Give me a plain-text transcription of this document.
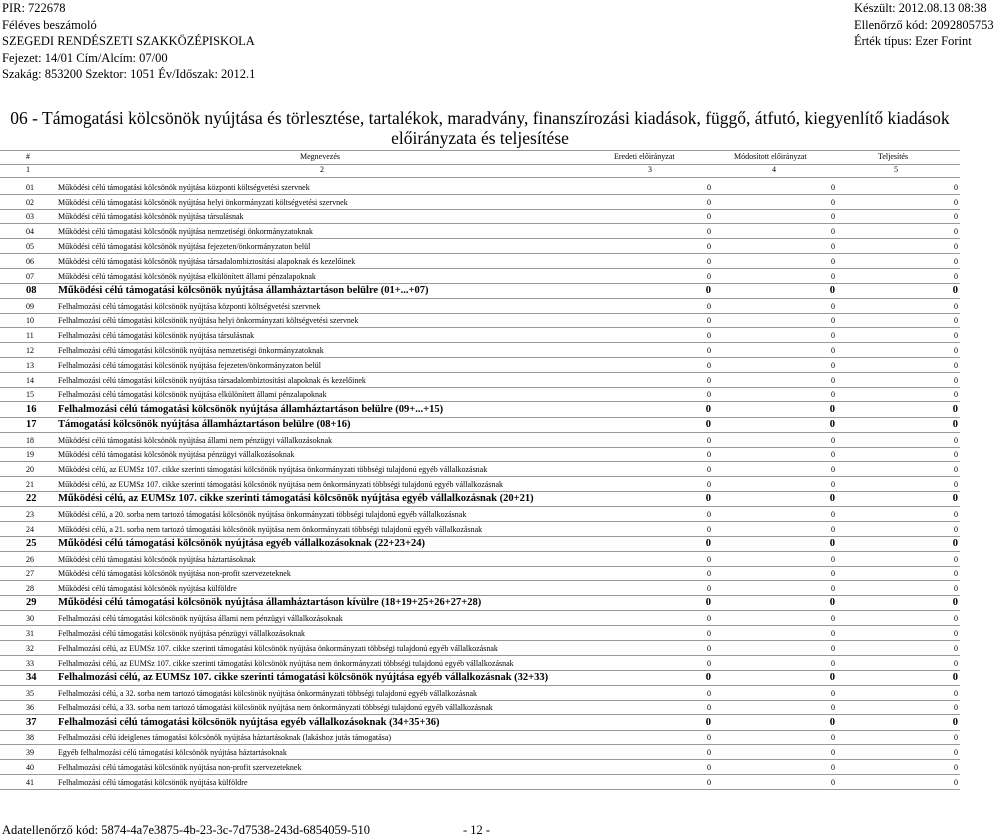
PIR: 722678	Készült: 2012.08.13 08:38
Féléves beszámoló	Ellenőrző kód: 2092805753
SZEGEDI RENDÉSZETI SZAKKÖZÉPISKOLA	Érték típus: Ezer Forint
Fejezet: 14/01 Cím/Alcím: 07/00
Szakág: 853200 Szektor: 1051 Év/Időszak: 2012.1
06 - Támogatási kölcsönök nyújtása és törlesztése, tartalékok, maradvány, finanszírozási kiadások, függő, átfutó, kiegyenlítő kiadások
előirányzata és teljesítése
#	Megnevezés	Eredeti előirányzat	Módosított előirányzat	Teljesítés
1	2	3	4	5
01	Működési célú támogatási kölcsönök nyújtása központi költségvetési szervnek	0	0	0
02	Működési célú támogatási kölcsönök nyújtása helyi önkormányzati költségvetési szervnek	0	0	0
03	Működési célú támogatási kölcsönök nyújtása társulásnak	0	0	0
04	Működési célú támogatási kölcsönök nyújtása nemzetiségi önkormányzatoknak	0	0	0
05	Működési célú támogatási kölcsönök nyújtása fejezeten/önkormányzaton belül	0	0	0
06	Működési célú támogatási kölcsönök nyújtása társadalombiztosítási alapoknak és kezelőinek	0	0	0
07	Működési célú támogatási kölcsönök nyújtása elkülönített állami pénzalapoknak	0	0	0
08 Működési célú támogatási kölcsönök nyújtása államháztartáson belülre (01+...+07)	0	0	0
09	Felhalmozási célú támogatási kölcsönök nyújtása központi költségvetési szervnek	0	0	0
10	Felhalmozási célú támogatási kölcsönök nyújtása helyi önkormányzati költségvetési szervnek	0	0	0
11	Felhalmozási célú támogatási kölcsönök nyújtása társulásnak	0	0	0
12	Felhalmozási célú támogatási kölcsönök nyújtása nemzetiségi önkormányzatoknak	0	0	0
13	Felhalmozási célú támogatási kölcsönök nyújtása fejezeten/önkormányzaton belül	0	0	0
14	Felhalmozási célú támogatási kölcsönök nyújtása társadalombiztosítási alapoknak és kezelőinek	0	0	0
15	Felhalmozási célú támogatási kölcsönök nyújtása elkülönített állami pénzalapoknak	0	0	0
16 Felhalmozási célú támogatási kölcsönök nyújtása államháztartáson belülre (09+...+15)	0	0	0
17 Támogatási kölcsönök nyújtása államháztartáson belülre (08+16)	0	0	0
18	Működési célú támogatási kölcsönök nyújtása állami nem pénzügyi vállalkozásoknak	0	0	0
19	Működési célú támogatási kölcsönök nyújtása pénzügyi vállalkozásoknak	0	0	0
20	Működési célú, az EUMSz 107. cikke szerinti támogatási kölcsönök nyújtása önkormányzati többségi tulajdonú egyéb vállalkozásnak	0	0	0
21	Működési célú, az EUMSz 107. cikke szerinti támogatási kölcsönök nyújtása nem önkormányzati többségi tulajdonú egyéb vállalkozásnak	0	0	0
22 Működési célú, az EUMSz 107. cikke szerinti támogatási kölcsönök nyújtása egyéb vállalkozásnak (20+21)	0	0	0
23	Működési célú, a 20. sorba nem tartozó támogatási kölcsönök nyújtása önkormányzati többségi tulajdonú egyéb vállalkozásnak	0	0	0
24	Működési célú, a 21. sorba nem tartozó támogatási kölcsönök nyújtása nem önkormányzati többségi tulajdonú egyéb vállalkozásnak	0	0	0
25 Működési célú támogatási kölcsönök nyújtása egyéb vállalkozásoknak (22+23+24)	0	0	0
26	Működési célú támogatási kölcsönök nyújtása háztartásoknak	0	0	0
27	Működési célú támogatási kölcsönök nyújtása non-profit szervezeteknek	0	0	0
28	Működési célú támogatási kölcsönök nyújtása külföldre	0	0	0
29 Működési célú támogatási kölcsönök nyújtása államháztartáson kívülre (18+19+25+26+27+28)	0	0	0
30	Felhalmozási célú támogatási kölcsönök nyújtása állami nem pénzügyi vállalkozásoknak	0	0	0
31	Felhalmozási célú támogatási kölcsönök nyújtása pénzügyi vállalkozásoknak	0	0	0
32	Felhalmozási célú, az EUMSz 107. cikke szerinti támogatási kölcsönök nyújtása önkormányzati többségi tulajdonú egyéb vállalkozásnak	0	0	0
33	Felhalmozási célú, az EUMSz 107. cikke szerinti támogatási kölcsönök nyújtása nem önkormányzati többségi tulajdonú egyéb vállalkozásnak	0	0	0
34 Felhalmozási célú, az EUMSz 107. cikke szerinti támogatási kölcsönök nyújtása egyéb vállalkozásnak (32+33)	0	0	0
35	Felhalmozási célú, a 32. sorba nem tartozó támogatási kölcsönök nyújtása önkormányzati többségi tulajdonú egyéb vállalkozásnak	0	0	0
36	Felhalmozási célú, a 33. sorba nem tartozó támogatási kölcsönök nyújtása nem önkormányzati többségi tulajdonú egyéb vállalkozásnak	0	0	0
37 Felhalmozási célú támogatási kölcsönök nyújtása egyéb vállalkozásoknak (34+35+36)	0	0	0
38	Felhalmozási célú ideiglenes támogatási kölcsönök nyújtása háztartásoknak (lakáshoz jutás támogatása)	0	0	0
39	Egyéb felhalmozási célú támogatási kölcsönök nyújtása háztartásoknak	0	0	0
40	Felhalmozási célú támogatási kölcsönök nyújtása non-profit szervezeteknek	0	0	0
41	Felhalmozási célú támogatási kölcsönök nyújtása külföldre	0	0	0
Adatellenőrző kód: 5874-4a7e3875-4b-23-3c-7d7538-243d-6854059-510	- 12 -
